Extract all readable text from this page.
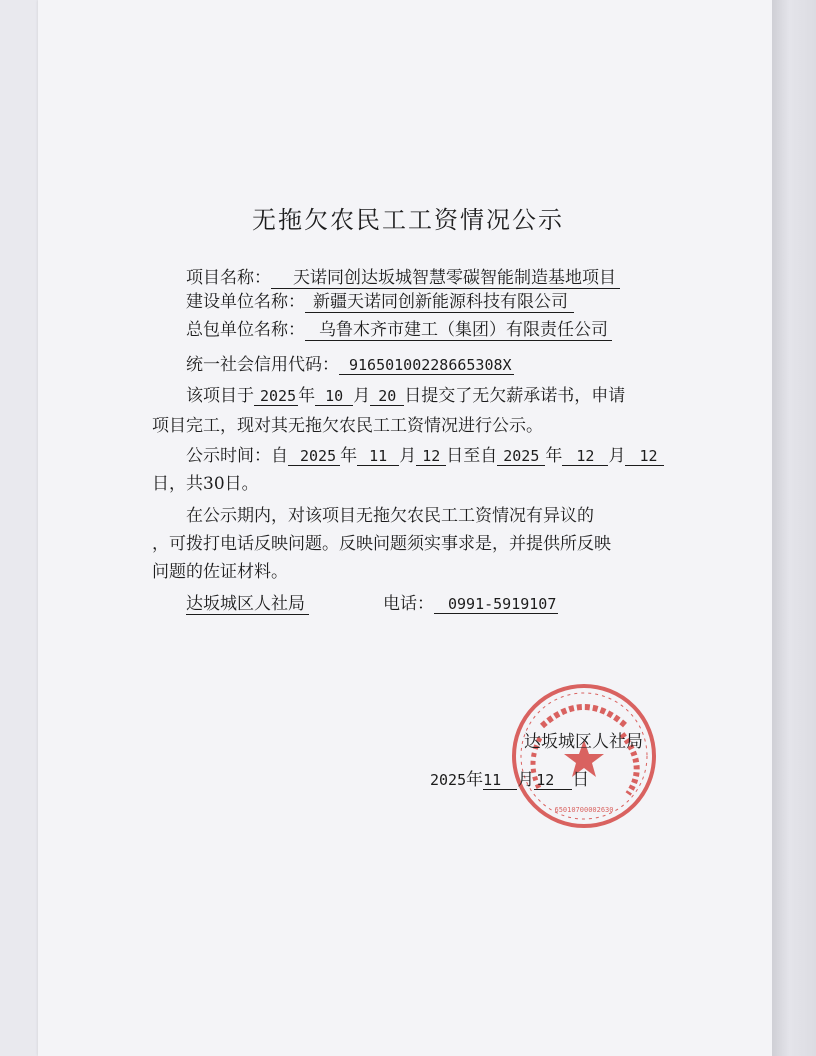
无拖欠农民工工资情况公示
项目名称： 天诺同创达坂城智慧零碳智能制造基地项目
建设单位名称： 新疆天诺同创新能源科技有限公司
总包单位名称： 乌鲁木齐市建工（集团）有限责任公司
统一社会信用代码： 91650100228665308X
该项目于 2025 年 10 月 20 日提交了无欠薪承诺书，申请
项目完工，现对其无拖欠农民工工资情况进行公示。
公示时间：自 2025 年 11 月 12 日至自 2025 年 12 月 12
日，共30日。
在公示期内，对该项目无拖欠农民工工资情况有异议的
，可拨打电话反映问题。反映问题须实事求是，并提供所反映
问题的佐证材料。
达坂城区人社局	电话： 0991-5919107
65010700002630
达坂城区人社局
2025年11 月 12 日
